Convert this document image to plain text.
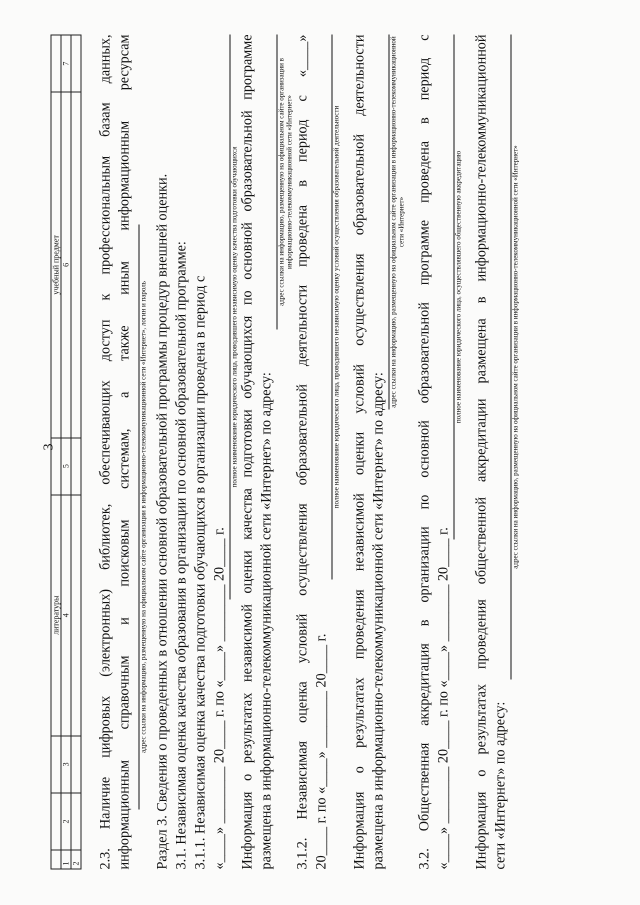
3
			литературы		учебный предмет	
1	2	3	4	5	6	7
2						2.3. Наличие цифровых (электронных) библиотек, обеспечивающих доступ к профессиональным базам данных, информационным справочным и поисковым системам, а также иным информационным ресурсам адрес ссылки на информацию, размещенную на официальном сайте организации в информационно-телекоммуникационной сети «Интернет», логин и пароль Раздел 3. Сведения о проведенных в отношении основной образовательной программы процедур внешней оценки. 3.1. Независимая оценка качества образования в организации по основной образовательной программе: 3.1.1. Независимая оценка качества подготовки обучающихся в организации проведена в период с «____» ________ 20____ г. по «____» ________ 20____ г.

полное наименование юридического лица, проводившего независимую оценку качества подготовки обучающихся Информация о результатах независимой оценки качества подготовки обучающихся по основной образовательной программе размещена в информационно-телекоммуникационной сети «Интернет» по адресу:

адрес ссылки на информацию, размещенную на официальном сайте организации в информационно-телекоммуникационной сети «Интернет» 3.1.2. Независимая оценка условий осуществления образовательной деятельности проведена в период с «____» 20____ г. по «____» ________ 20____ г.

полное наименование юридического лица, проводившего независимую оценку условий осуществления образовательной деятельности Информация о результатах проведения независимой оценки условий осуществления образовательной деятельности размещена в информационно-телекоммуникационной сети «Интернет» по адресу:

адрес ссылки на информацию, размещенную на официальном сайте организации в информационно-телекоммуникационной сети «Интернет» 3.2. Общественная аккредитация в организации по основной образовательной программе проведена в период с «____» ________ 20____ г. по «____» ________ 20____ г.

полное наименование юридического лица, осуществлявшего общественную аккредитацию Информация о результатах проведения общественной аккредитации размещена в информационно-телекоммуникационной сети «Интернет» по адресу:

адрес ссылки на информацию, размещенную на официальном сайте организации в информационно-телекоммуникационной сети «Интернет»
